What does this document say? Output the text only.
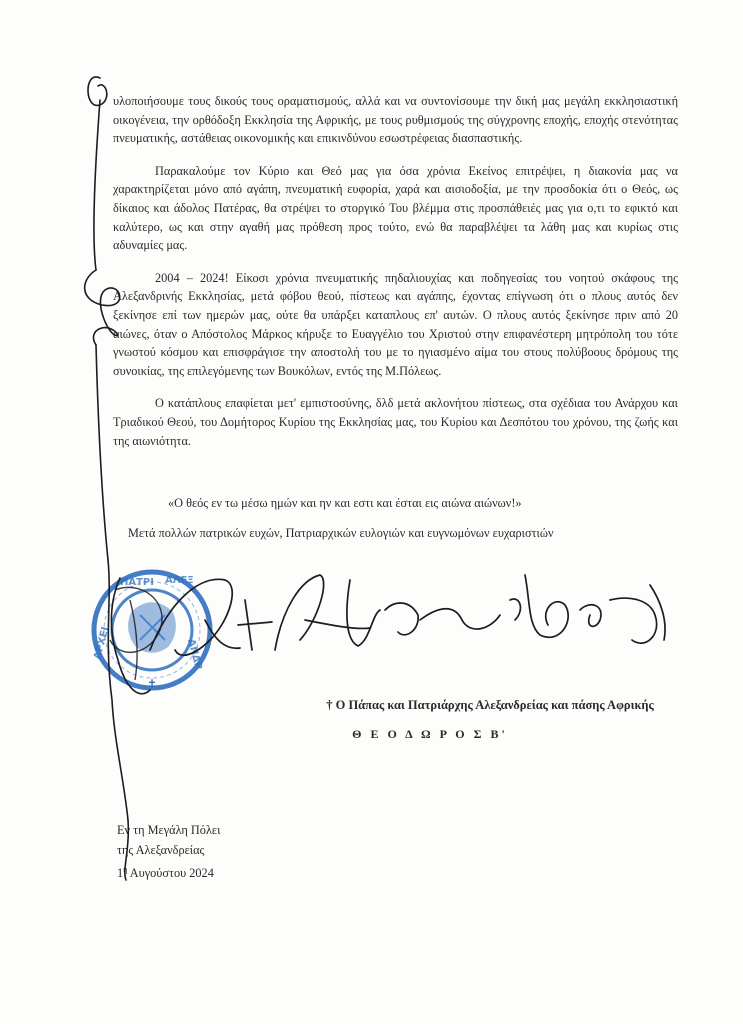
υλοποιήσουμε τους δικούς τους οραματισμούς, αλλά και να συντονίσουμε την δική μας μεγάλη εκκλησιαστική οικογένεια, την ορθόδοξη Εκκλησία της Αφρικής, με τους ρυθμισμούς της σύγχρονης εποχής, εποχής στενότητας πνευματικής, αστάθειας οικονομικής και επικινδύνου εσωστρέφειας διασπαστικής.

Παρακαλούμε τον Κύριο και Θεό μας για όσα χρόνια Εκείνος επιτρέψει, η διακονία μας να χαρακτηρίζεται μόνο από αγάπη, πνευματική ευφορία, χαρά και αισιοδοξία, με την προσδοκία ότι ο Θεός, ως δίκαιος και άδολος Πατέρας, θα στρέψει το στοργικό Του βλέμμα στις προσπάθειές μας για ο,τι το εφικτό και καλύτερο, ως και στην αγαθή μας πρόθεση προς τούτο, ενώ θα παραβλέψει τα λάθη μας και κυρίως στις αδυναμίες μας.

2004 – 2024! Είκοσι χρόνια πνευματικής πηδαλιουχίας και ποδηγεσίας του νοητού σκάφους της Αλεξανδρινής Εκκλησίας, μετά φόβου θεού, πίστεως και αγάπης, έχοντας επίγνωση ότι ο πλους αυτός δεν ξεκίνησε επί των ημερών μας, ούτε θα υπάρξει καταπλους επ' αυτών. Ο πλους αυτός ξεκίνησε πριν από 20 αιώνες, όταν ο Απόστολος Μάρκος κήρυξε το Ευαγγέλιο του Χριστού στην επιφανέστερη μητρόπολη του τότε γνωστού κόσμου και επισφράγισε την αποστολή του με το ηγιασμένο αίμα του στους πολύβοους δρόμους της συνοικίας, της επιλεγόμενης των Βουκόλων, εντός της Μ.Πόλεως.

Ο κατάπλους επαφίεται μετ' εμπιστοσύνης, δλδ μετά ακλονήτου πίστεως, στα σχέδιαα του Ανάρχου και Τριαδικού Θεού, του Δομήτορος Κυρίου της Εκκλησίας μας, του Κυρίου και Δεσπότου του χρόνου, της ζωής και της αιωνιότητα.

«Ο θεός εν τω μέσω ημών και ην και εστι και έσται εις αιώνα αιώνων!»
Μετά πολλών πατρικών ευχών, Πατριαρχικών ευλογιών και ευγνωμόνων ευχαριστιών
† Ο Πάπας και Πατριάρχης Αλεξανδρείας και πάσης Αφρικής
Θ Ε Ο Δ Ω Ρ Ο Σ Β'
Εν τη Μεγάλη Πόλει
της Αλεξανδρείας
$1^\eta$ Αυγούστου 2024
ΠΑΤΡΙ ΑΛΕΞ
ΑΝΔΡ
ΑΡΧΕΙ
✝
